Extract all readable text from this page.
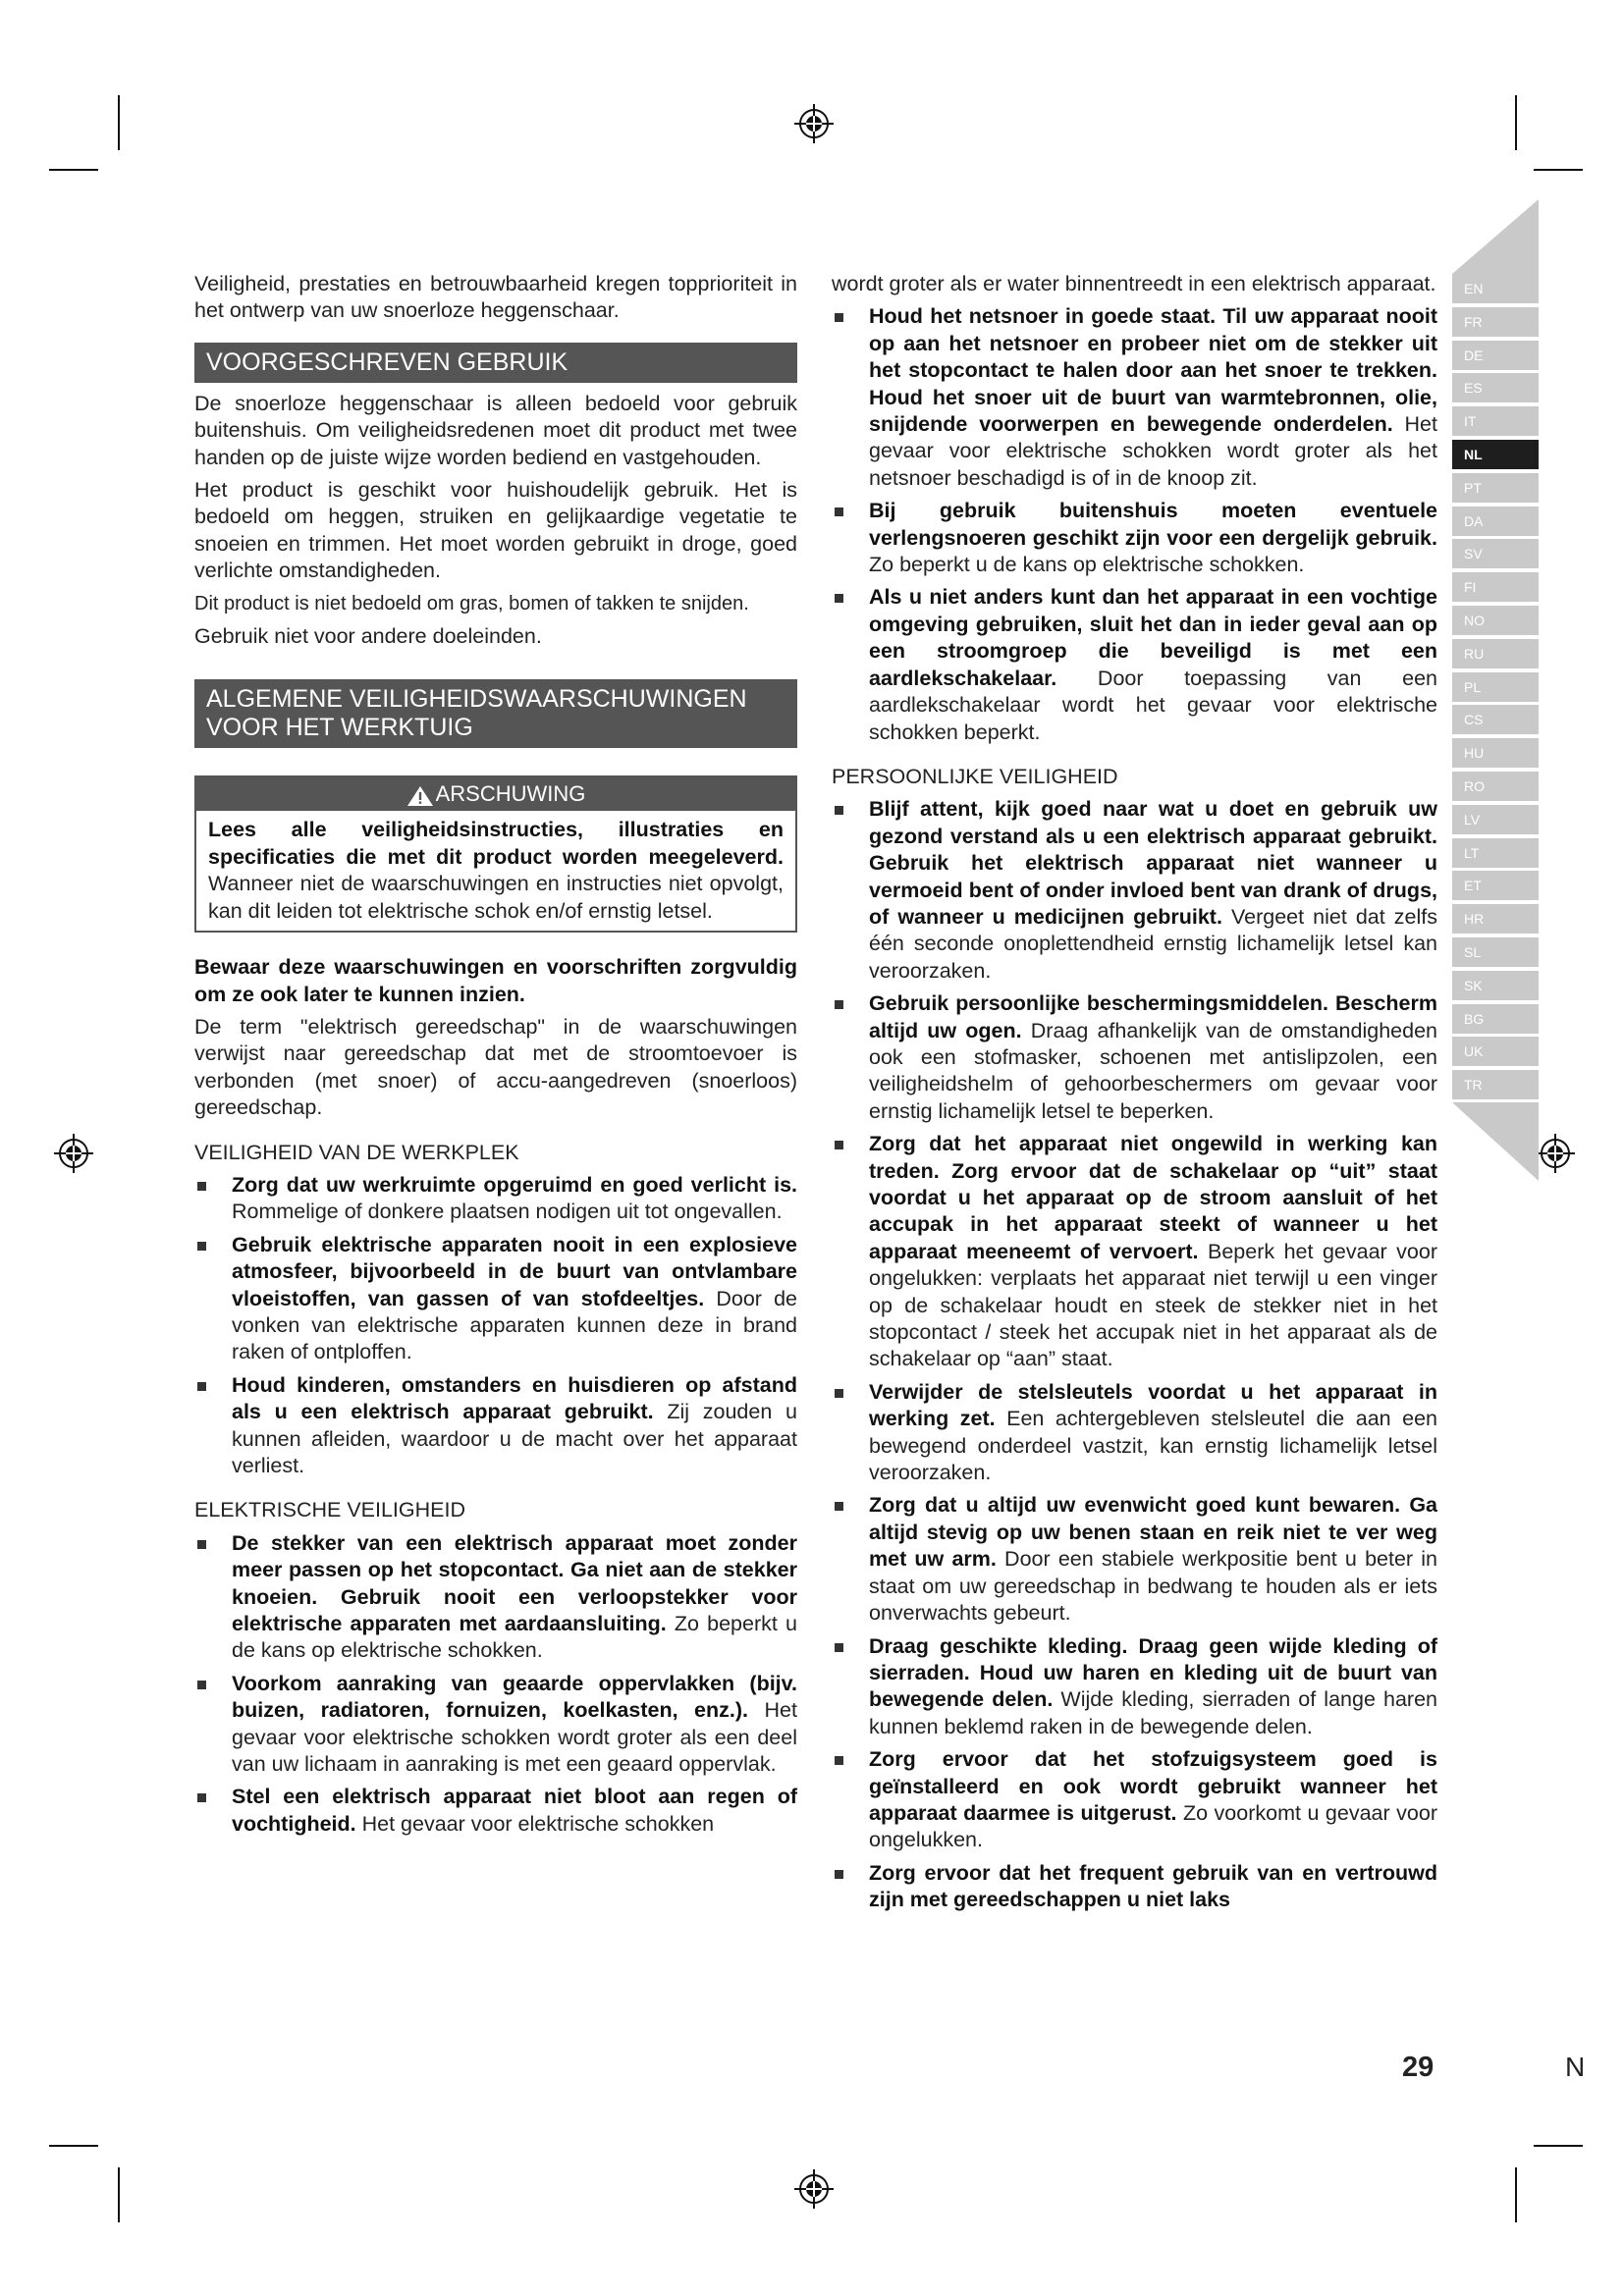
Veiligheid, prestaties en betrouwbaarheid kregen topprioriteit in het ontwerp van uw snoerloze heggenschaar.

VOORGESCHREVEN GEBRUIK

De snoerloze heggenschaar is alleen bedoeld voor gebruik buitenshuis. Om veiligheidsredenen moet dit product met twee handen op de juiste wijze worden bediend en vastgehouden.

Het product is geschikt voor huishoudelijk gebruik. Het is bedoeld om heggen, struiken en gelijkaardige vegetatie te snoeien en trimmen. Het moet worden gebruikt in droge, goed verlichte omstandigheden.

Dit product is niet bedoeld om gras, bomen of takken te snijden.

Gebruik niet voor andere doeleinden.

ALGEMENE VEILIGHEIDSWAARSCHUWINGEN VOOR HET WERKTUIG
ARSCHUWING
Lees alle veiligheidsinstructies, illustraties en specificaties die met dit product worden meegeleverd. Wanneer niet de waarschuwingen en instructies niet opvolgt, kan dit leiden tot elektrische schok en/of ernstig letsel.

Bewaar deze waarschuwingen en voorschriften zorgvuldig om ze ook later te kunnen inzien.

De term "elektrisch gereedschap" in de waarschuwingen verwijst naar gereedschap dat met de stroomtoevoer is verbonden (met snoer) of accu-aangedreven (snoerloos) gereedschap.

VEILIGHEID VAN DE WERKPLEK
Zorg dat uw werkruimte opgeruimd en goed verlicht is. Rommelige of donkere plaatsen nodigen uit tot ongevallen.
Gebruik elektrische apparaten nooit in een explosieve atmosfeer, bijvoorbeeld in de buurt van ontvlambare vloeistoffen, van gassen of van stofdeeltjes. Door de vonken van elektrische apparaten kunnen deze in brand raken of ontploffen.
Houd kinderen, omstanders en huisdieren op afstand als u een elektrisch apparaat gebruikt. Zij zouden u kunnen afleiden, waardoor u de macht over het apparaat verliest.
ELEKTRISCHE VEILIGHEID
De stekker van een elektrisch apparaat moet zonder meer passen op het stopcontact. Ga niet aan de stekker knoeien. Gebruik nooit een verloopstekker voor elektrische apparaten met aardaansluiting. Zo beperkt u de kans op elektrische schokken.
Voorkom aanraking van geaarde oppervlakken (bijv. buizen, radiatoren, fornuizen, koelkasten, enz.). Het gevaar voor elektrische schokken wordt groter als een deel van uw lichaam in aanraking is met een geaard oppervlak.
Stel een elektrisch apparaat niet bloot aan regen of vochtigheid. Het gevaar voor elektrische schokken

wordt groter als er water binnentreedt in een elektrisch apparaat.

Houd het netsnoer in goede staat. Til uw apparaat nooit op aan het netsnoer en probeer niet om de stekker uit het stopcontact te halen door aan het snoer te trekken. Houd het snoer uit de buurt van warmtebronnen, olie, snijdende voorwerpen en bewegende onderdelen. Het gevaar voor elektrische schokken wordt groter als het netsnoer beschadigd is of in de knoop zit.
Bij gebruik buitenshuis moeten eventuele verlengsnoeren geschikt zijn voor een dergelijk gebruik. Zo beperkt u de kans op elektrische schokken.
Als u niet anders kunt dan het apparaat in een vochtige omgeving gebruiken, sluit het dan in ieder geval aan op een stroomgroep die beveiligd is met een aardlekschakelaar. Door toepassing van een aardlekschakelaar wordt het gevaar voor elektrische schokken beperkt.
PERSOONLIJKE VEILIGHEID
Blijf attent, kijk goed naar wat u doet en gebruik uw gezond verstand als u een elektrisch apparaat gebruikt. Gebruik het elektrisch apparaat niet wanneer u vermoeid bent of onder invloed bent van drank of drugs, of wanneer u medicijnen gebruikt. Vergeet niet dat zelfs één seconde onoplettendheid ernstig lichamelijk letsel kan veroorzaken.
Gebruik persoonlijke beschermingsmiddelen. Bescherm altijd uw ogen. Draag afhankelijk van de omstandigheden ook een stofmasker, schoenen met antislipzolen, een veiligheidshelm of gehoorbeschermers om gevaar voor ernstig lichamelijk letsel te beperken.
Zorg dat het apparaat niet ongewild in werking kan treden. Zorg ervoor dat de schakelaar op “uit” staat voordat u het apparaat op de stroom aansluit of het accupak in het apparaat steekt of wanneer u het apparaat meeneemt of vervoert. Beperk het gevaar voor ongelukken: verplaats het apparaat niet terwijl u een vinger op de schakelaar houdt en steek de stekker niet in het stopcontact / steek het accupak niet in het apparaat als de schakelaar op “aan” staat.
Verwijder de stelsleutels voordat u het apparaat in werking zet. Een achtergebleven stelsleutel die aan een bewegend onderdeel vastzit, kan ernstig lichamelijk letsel veroorzaken.
Zorg dat u altijd uw evenwicht goed kunt bewaren. Ga altijd stevig op uw benen staan en reik niet te ver weg met uw arm. Door een stabiele werkpositie bent u beter in staat om uw gereedschap in bedwang te houden als er iets onverwachts gebeurt.
Draag geschikte kleding. Draag geen wijde kleding of sierraden. Houd uw haren en kleding uit de buurt van bewegende delen. Wijde kleding, sierraden of lange haren kunnen beklemd raken in de bewegende delen.
Zorg ervoor dat het stofzuigsysteem goed is geïnstalleerd en ook wordt gebruikt wanneer het apparaat daarmee is uitgerust. Zo voorkomt u gevaar voor ongelukken.
Zorg ervoor dat het frequent gebruik van en vertrouwd zijn met gereedschappen u niet laks
EN
FR
DE
ES
IT
NL
PT
DA
SV
FI
NO
RU
PL
CS
HU
RO
LV
LT
ET
HR
SL
SK
BG
UK
TR
29	N
